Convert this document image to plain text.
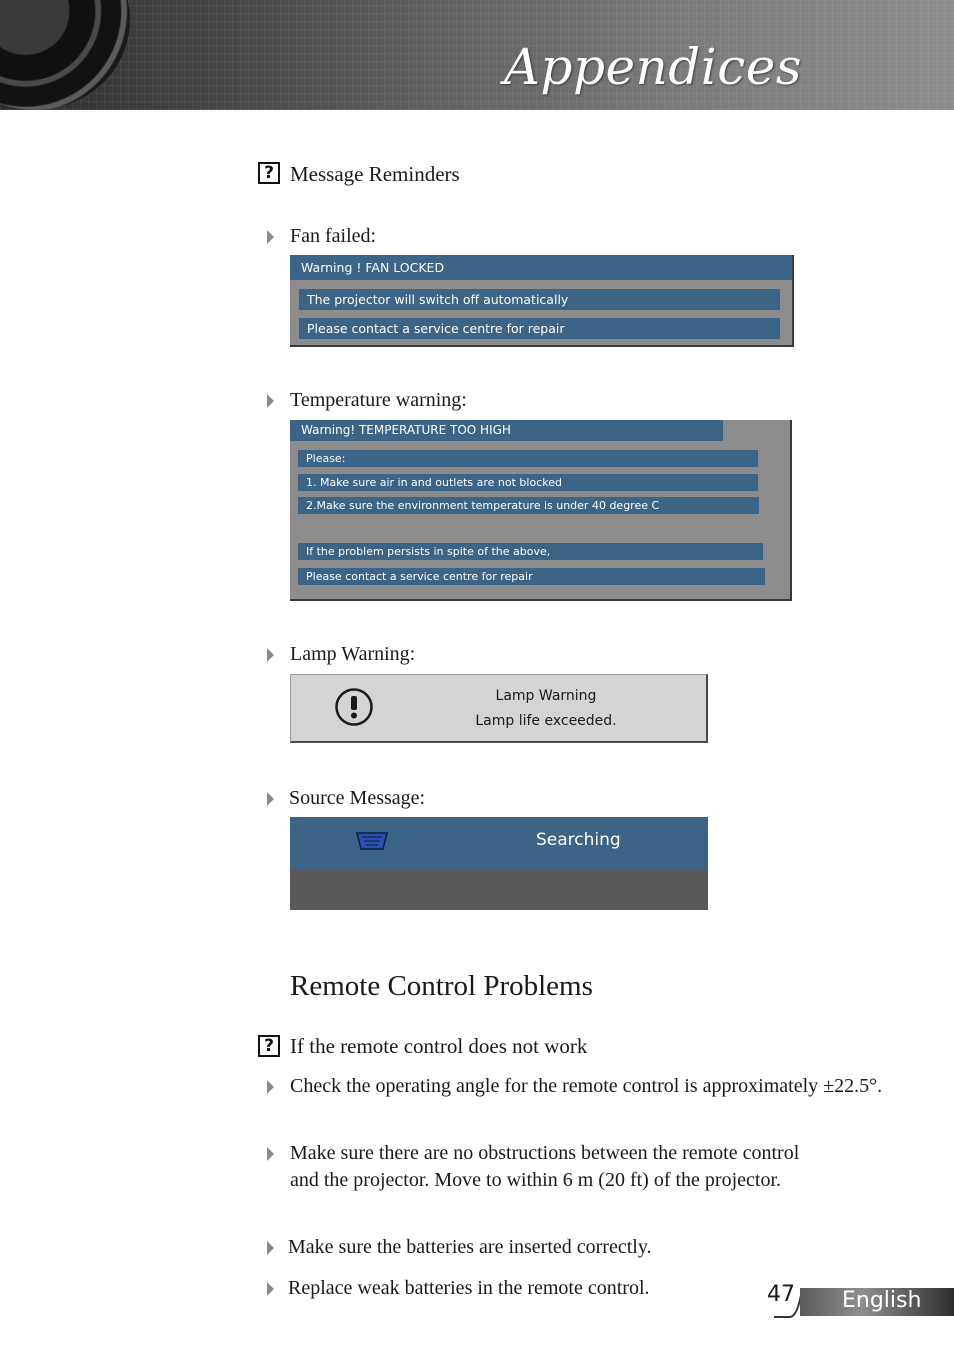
Appendices
? Message Reminders
Fan failed:
Warning ! FAN LOCKED
The projector will switch off automatically
Please contact a service centre for repair
Temperature warning:
Warning! TEMPERATURE TOO HIGH
Please:
1. Make sure air in and outlets are not blocked
2.Make sure the environment temperature is under 40 degree C
If the problem persists in spite of the above,
Please contact a service centre for repair
Lamp Warning:
Lamp Warning
Lamp life exceeded.
Source Message:
Searching
Remote Control Problems
? If the remote control does not work
Check the operating angle for the remote control is approximately ±22.5°.
Make sure there are no obstructions between the remote control and the projector. Move to within 6 m (20 ft) of the projector.
Make sure the batteries are inserted correctly.
Replace weak batteries in the remote control.	47 English
